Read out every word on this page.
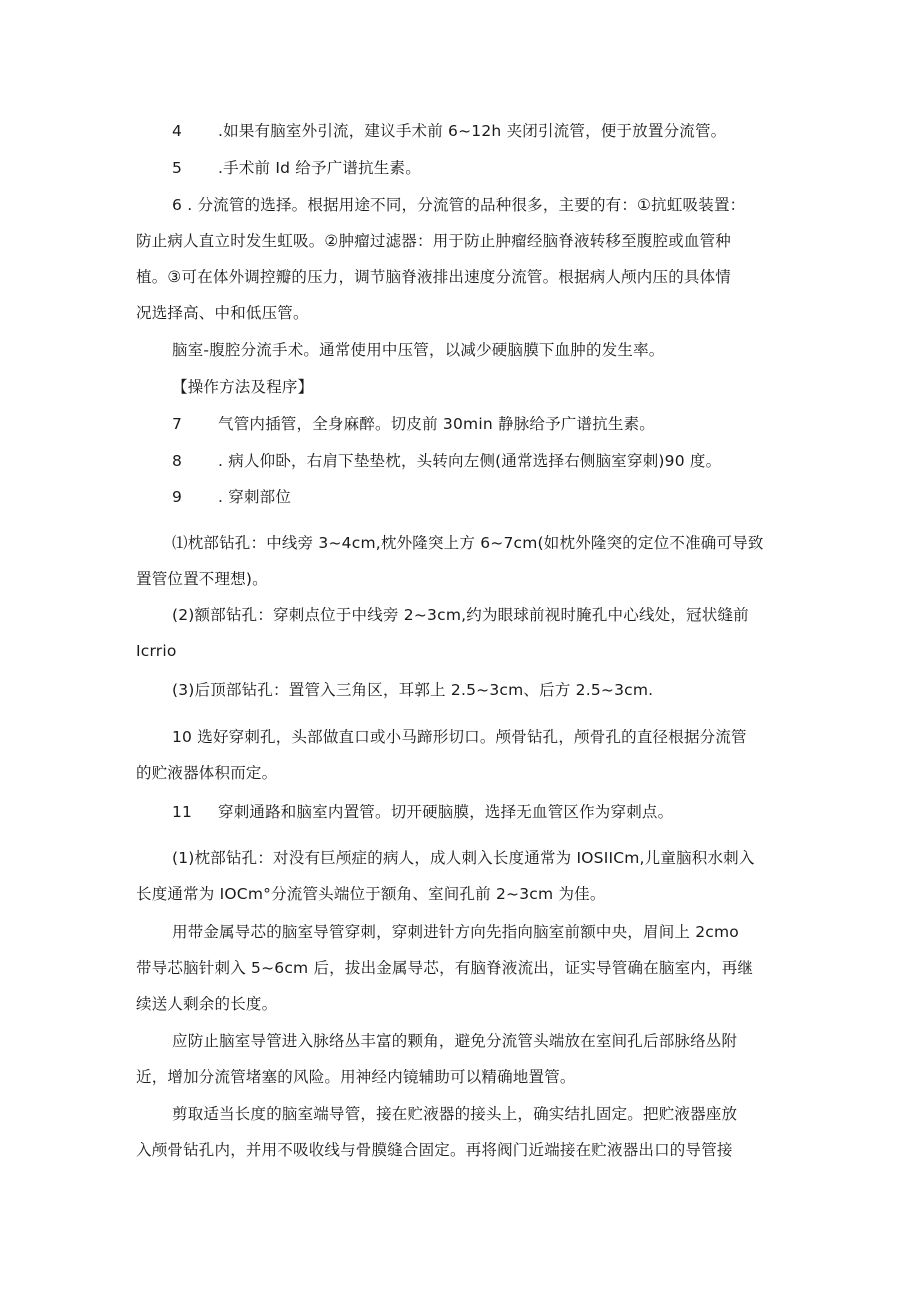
4 .如果有脑室外引流，建议手术前 6~12h 夹闭引流管，便于放置分流管。
5 .手术前 Id 给予广谱抗生素。
6 . 分流管的选择。根据用途不同，分流管的品种很多，主要的有：①抗虹吸装置：
防止病人直立时发生虹吸。②肿瘤过滤器：用于防止肿瘤经脑脊液转移至腹腔或血管种
植。③可在体外调控瓣的压力，调节脑脊液排出速度分流管。根据病人颅内压的具体情
况选择高、中和低压管。
脑室-腹腔分流手术。通常使用中压管，以减少硬脑膜下血肿的发生率。
【操作方法及程序】
7 气管内插管，全身麻醉。切皮前 30min 静脉给予广谱抗生素。
8 . 病人仰卧，右肩下垫垫枕，头转向左侧(通常选择右侧脑室穿刺)90 度。
9 . 穿刺部位
⑴枕部钻孔：中线旁 3~4cm,枕外隆突上方 6~7cm(如枕外隆突的定位不准确可导致
置管位置不理想)。
(2)额部钻孔：穿刺点位于中线旁 2~3cm,约为眼球前视时腌孔中心线处，冠状缝前
Icrrio
(3)后顶部钻孔：置管入三角区，耳郭上 2.5~3cm、后方 2.5~3cm.
10 选好穿刺孔，头部做直口或小马蹄形切口。颅骨钻孔，颅骨孔的直径根据分流管
的贮液器体积而定。
11 穿刺通路和脑室内置管。切开硬脑膜，选择无血管区作为穿刺点。
(1)枕部钻孔：对没有巨颅症的病人，成人刺入长度通常为 IOSIICm,儿童脑积水刺入
长度通常为 IOCm°分流管头端位于额角、室间孔前 2~3cm 为佳。
用带金属导芯的脑室导管穿刺，穿刺进针方向先指向脑室前额中央，眉间上 2cmo
带导芯脑针刺入 5~6cm 后，拔出金属导芯，有脑脊液流出，证实导管确在脑室内，再继
续送人剩余的长度。
应防止脑室导管进入脉络丛丰富的颗角，避免分流管头端放在室间孔后部脉络丛附
近，增加分流管堵塞的风险。用神经内镜辅助可以精确地置管。
剪取适当长度的脑室端导管，接在贮液器的接头上，确实结扎固定。把贮液器座放
入颅骨钻孔内，并用不吸收线与骨膜缝合固定。再将阀门近端接在贮液器出口的导管接
